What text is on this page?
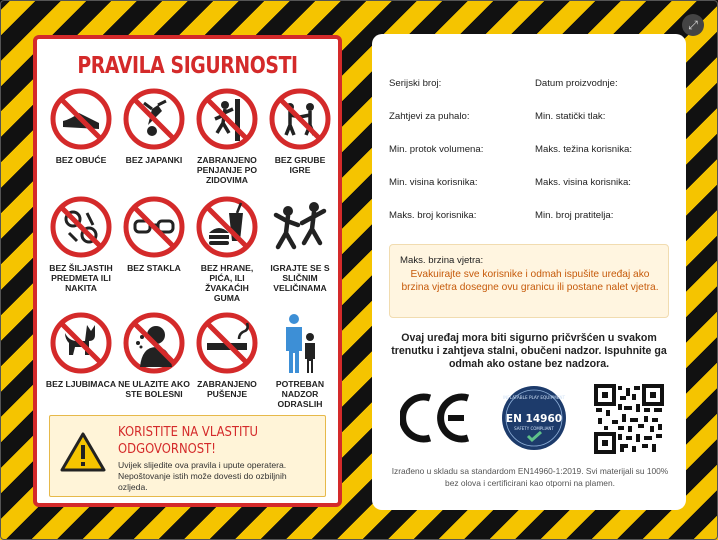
⤢
PRAVILA SIGURNOSTI
BEZ OBUĆE	BEZ JAPANKI	ZABRANJENO PENJANJE PO ZIDOVIMA
BEZ GRUBE IGRE
BEZ ŠILJASTIH PREDMETA ILI NAKITA
BEZ STAKLA	BEZ HRANE, PIĆA, ILI ŽVAKAĆIH GUMA
IGRAJTE SE S SLIČNIM VELIČINAMA
BEZ LJUBIMACA NE ULAZITE AKO STE BOLESNI
ZABRANJENO PUŠENJE
POTREBAN NADZOR ODRASLIH
KORISTITE NA VLASTITU ODGOVORNOST!
Uvijek slijedite ova pravila i upute operatera. Nepoštovanje istih može dovesti do ozbiljnih ozljeda.
Serijski broj:	Datum proizvodnje:
Zahtjevi za puhalo:	Min. statički tlak:
Min. protok volumena:	Maks. težina korisnika:
Min. visina korisnika:	Maks. visina korisnika:
Maks. broj korisnika:	Min. broj pratitelja:
Maks. brzina vjetra:
Evakuirajte sve korisnike i odmah ispušite uređaj ako brzina vjetra dosegne ovu granicu ili postane nalet vjetra.
Ovaj uređaj mora biti sigurno pričvršćen u svakom trenutku i zahtjeva stalni, obučeni nadzor. Ispuhnite ga odmah ako ostane bez nadzora.
INFLATABLE PLAY EQUIPMENT
EN 14960
SAFETY COMPLIANT
Izrađeno u skladu sa standardom EN14960-1:2019. Svi materijali su 100% bez olova i certificirani kao otporni na plamen.
